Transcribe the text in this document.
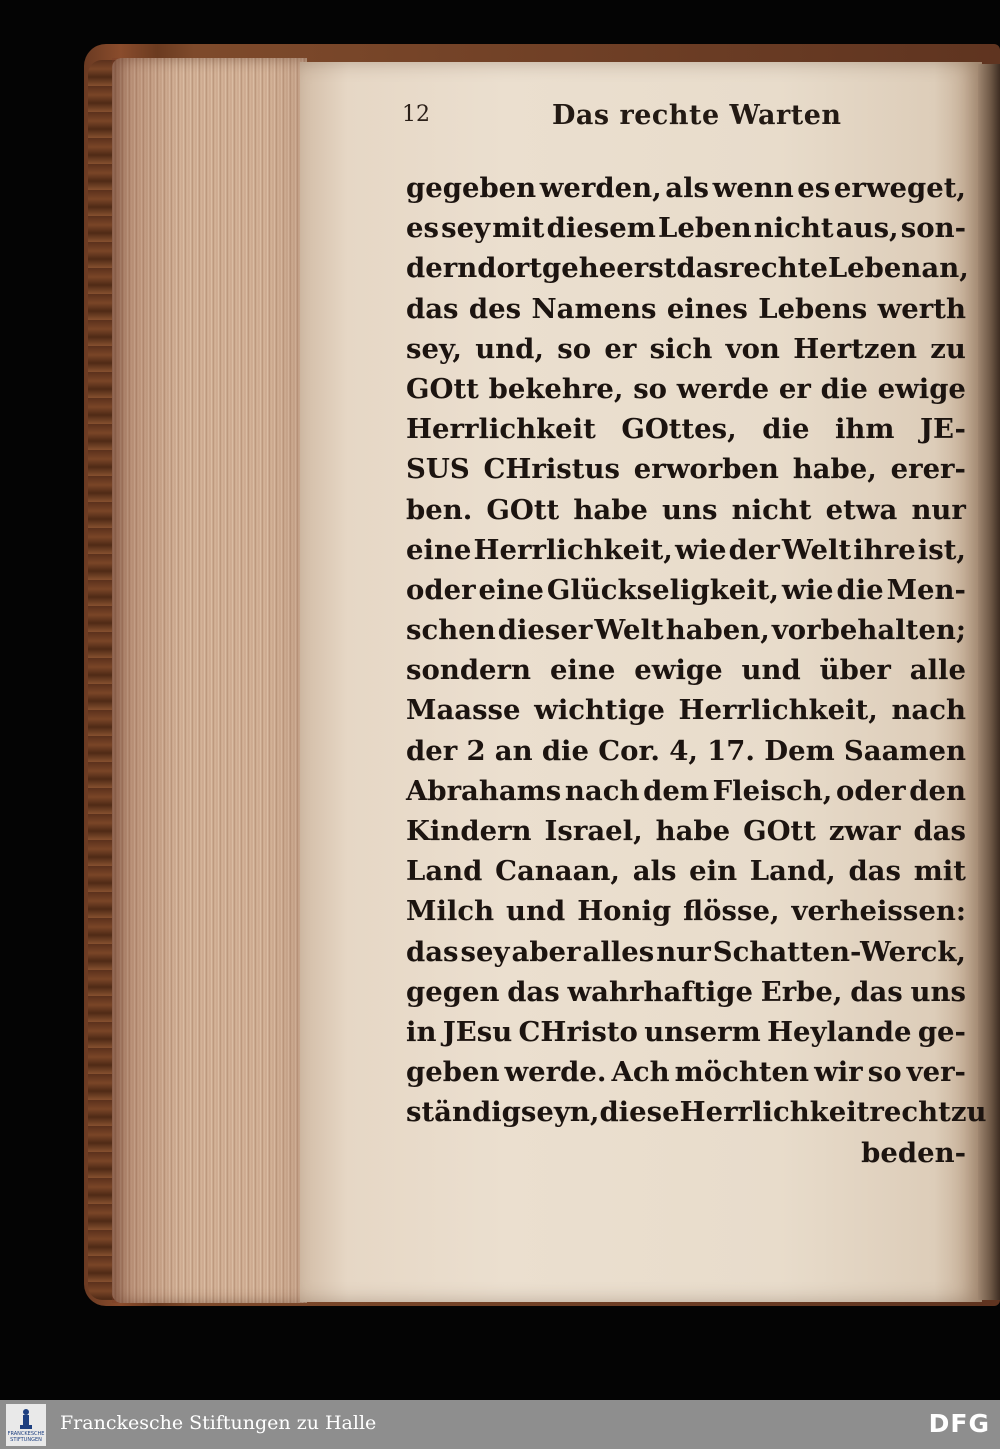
12	Das rechte Warten
gegeben werden, als wenn es erweget,
es sey mit diesem Leben nicht aus, son-
dern dort gehe erst das rechte Leben an,
das des Namens eines Lebens werth
sey, und, so er sich von Hertzen zu
GOtt bekehre, so werde er die ewige
Herrlichkeit GOttes, die ihm JE-
SUS CHristus erworben habe, erer-
ben. GOtt habe uns nicht etwa nur
eine Herrlichkeit, wie der Welt ihre ist,
oder eine Glückseligkeit, wie die Men-
schen dieser Welt haben, vorbehalten;
sondern eine ewige und über alle
Maasse wichtige Herrlichkeit, nach
der 2 an die Cor. 4, 17. Dem Saamen
Abrahams nach dem Fleisch, oder den
Kindern Israel, habe GOtt zwar das
Land Canaan, als ein Land, das mit
Milch und Honig flösse, verheissen:
das sey aber alles nur Schatten-Werck,
gegen das wahrhaftige Erbe, das uns
in JEsu CHristo unserm Heylande ge-
geben werde. Ach möchten wir so ver-
ständig seyn, diese Herrlichkeit recht zu
beden-
FRANCKESCHE STIFTUNGEN
Franckesche Stiftungen zu Halle	DFG
